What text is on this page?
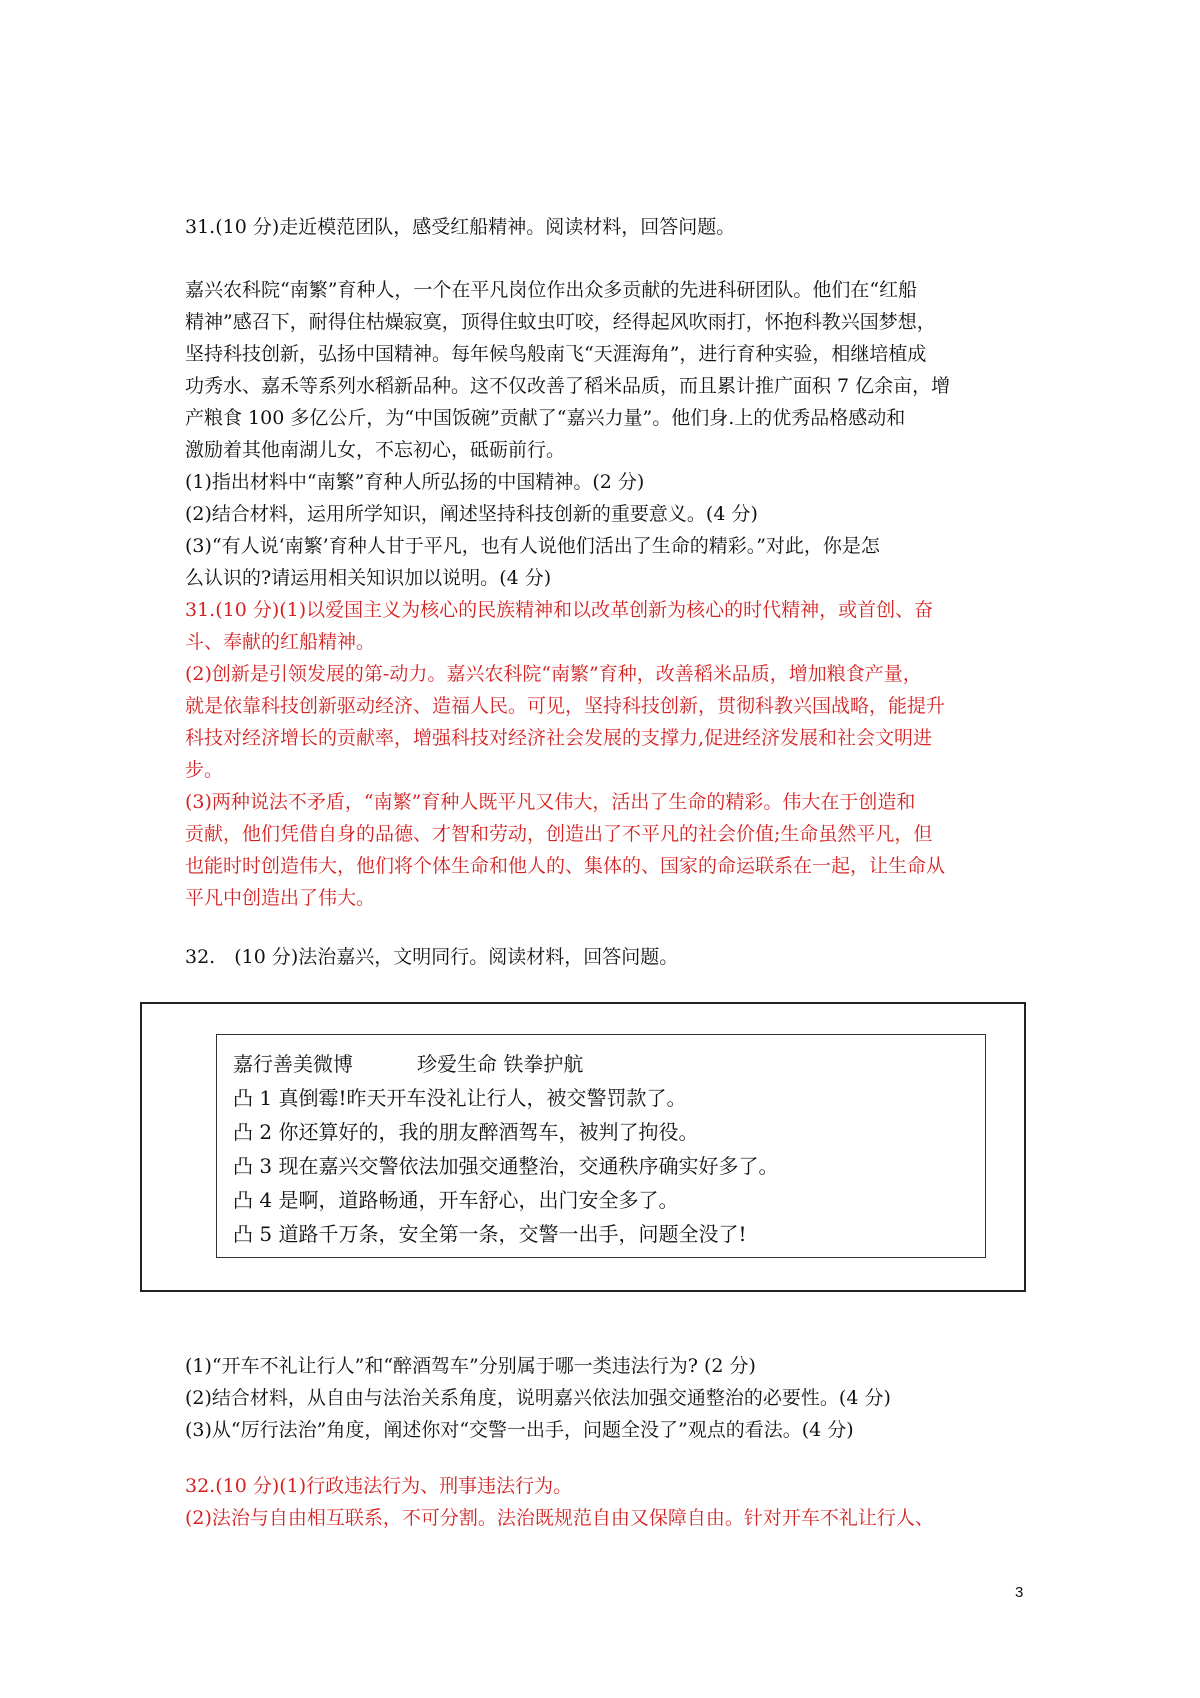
31.(10 分)走近模范团队，感受红船精神。阅读材料，回答问题。
嘉兴农科院“南繁”育种人，一个在平凡岗位作出众多贡献的先进科研团队。他们在“红船
精神”感召下，耐得住枯燥寂寞，顶得住蚊虫叮咬，经得起风吹雨打，怀抱科教兴国梦想，
坚持科技创新，弘扬中国精神。每年候鸟般南飞“天涯海角”，进行育种实验，相继培植成
功秀水、嘉禾等系列水稻新品种。这不仅改善了稻米品质，而且累计推广面积 7 亿余亩，增
产粮食 100 多亿公斤，为“中国饭碗”贡献了“嘉兴力量”。他们身.上的优秀品格感动和
激励着其他南湖儿女，不忘初心，砥砺前行。
(1)指出材料中“南繁”育种人所弘扬的中国精神。(2 分)
(2)结合材料，运用所学知识，阐述坚持科技创新的重要意义。(4 分)
(3)“有人说‘南繁’育种人甘于平凡，也有人说他们活出了生命的精彩。”对此，你是怎
么认识的?请运用相关知识加以说明。(4 分)
31.(10 分)(1)以爱国主义为核心的民族精神和以改革创新为核心的时代精神，或首创、奋
斗、奉献的红船精神。
(2)创新是引领发展的第-动力。嘉兴农科院“南繁”育种，改善稻米品质，增加粮食产量，
就是依靠科技创新驱动经济、造福人民。可见，坚持科技创新，贯彻科教兴国战略，能提升
科技对经济增长的贡献率，增强科技对经济社会发展的支撑力,促进经济发展和社会文明进
步。
(3)两种说法不矛盾，“南繁”育种人既平凡又伟大，活出了生命的精彩。伟大在于创造和
贡献，他们凭借自身的品德、才智和劳动，创造出了不平凡的社会价值;生命虽然平凡，但
也能时时创造伟大，他们将个体生命和他人的、集体的、国家的命运联系在一起，让生命从
平凡中创造出了伟大。
32.　(10 分)法治嘉兴，文明同行。阅读材料，回答问题。
嘉行善美微博	珍爱生命 铁拳护航
凸 1 真倒霉!昨天开车没礼让行人，被交警罚款了。
凸 2 你还算好的，我的朋友醉酒驾车，被判了拘役。
凸 3 现在嘉兴交警依法加强交通整治，交通秩序确实好多了。
凸 4 是啊，道路畅通，开车舒心，出门安全多了。
凸 5 道路千万条，安全第一条，交警一出手，问题全没了!
(1)“开车不礼让行人”和“醉酒驾车”分别属于哪一类违法行为? (2 分)
(2)结合材料，从自由与法治关系角度，说明嘉兴依法加强交通整治的必要性。(4 分)
(3)从“厉行法治”角度，阐述你对“交警一出手，问题全没了”观点的看法。(4 分)
32.(10 分)(1)行政违法行为、刑事违法行为。
(2)法治与自由相互联系，不可分割。法治既规范自由又保障自由。针对开车不礼让行人、
3
